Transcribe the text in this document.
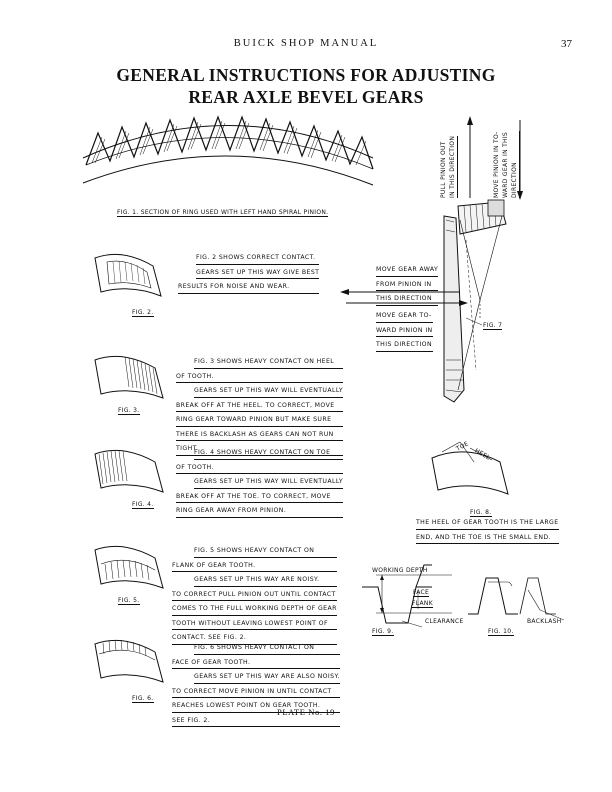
BUICK SHOP MANUAL	37
GENERAL INSTRUCTIONS FOR ADJUSTING
REAR AXLE BEVEL GEARS
FIG. 1. SECTION OF RING USED WITH LEFT HAND SPIRAL PINION.
FIG. 2.
FIG. 2 SHOWS CORRECT CONTACT.
GEARS SET UP THIS WAY GIVE BEST
RESULTS FOR NOISE AND WEAR.
FIG. 3.
FIG. 3 SHOWS HEAVY CONTACT ON HEEL
OF TOOTH.
GEARS SET UP THIS WAY WILL EVENTUALLY
BREAK OFF AT THE HEEL. TO CORRECT, MOVE
RING GEAR TOWARD PINION BUT MAKE SURE
THERE IS BACKLASH AS GEARS CAN NOT RUN
TIGHT.
FIG. 4.
FIG. 4 SHOWS HEAVY CONTACT ON TOE
OF TOOTH.
GEARS SET UP THIS WAY WILL EVENTUALLY
BREAK OFF AT THE TOE. TO CORRECT, MOVE
RING GEAR AWAY FROM PINION.
FIG. 5.
FIG. 5 SHOWS HEAVY CONTACT ON
FLANK OF GEAR TOOTH.
GEARS SET UP THIS WAY ARE NOISY.
TO CORRECT PULL PINION OUT UNTIL CONTACT
COMES TO THE FULL WORKING DEPTH OF GEAR
TOOTH WITHOUT LEAVING LOWEST POINT OF
CONTACT. SEE FIG. 2.
FIG. 6.
FIG. 6 SHOWS HEAVY CONTACT ON
FACE OF GEAR TOOTH.
GEARS SET UP THIS WAY ARE ALSO NOISY.
TO CORRECT MOVE PINION IN UNTIL CONTACT
REACHES LOWEST POINT ON GEAR TOOTH.
SEE FIG. 2.
PULL PINION OUT IN THIS DIRECTION	MOVE PINION IN TO- WARD GEAR IN THIS DIRECTION
MOVE GEAR AWAY
FROM PINION IN
THIS DIRECTION
MOVE GEAR TO-
WARD PINION IN
THIS DIRECTION
FIG. 7
TOE
HEEL
FIG. 8.
THE HEEL OF GEAR TOOTH IS THE LARGE
END, AND THE TOE IS THE SMALL END.
WORKING DEPTH
FACE
FLANK
CLEARANCE
FIG. 9.
BACKLASH
FIG. 10.
PLATE No. 19
